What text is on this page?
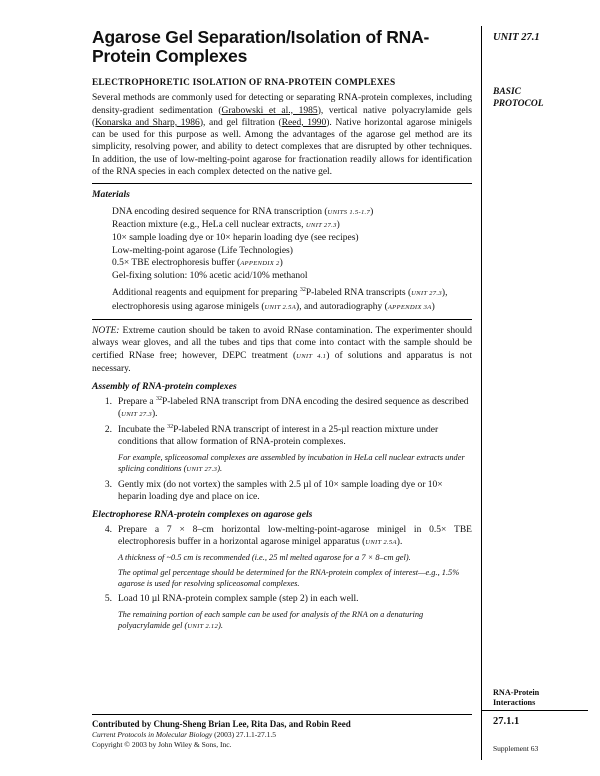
Agarose Gel Separation/Isolation of RNA-Protein Complexes
ELECTROPHORETIC ISOLATION OF RNA-PROTEIN COMPLEXES

Several methods are commonly used for detecting or separating RNA-protein complexes, including density-gradient sedimentation (Grabowski et al., 1985), vertical native polyacrylamide gels (Konarska and Sharp, 1986), and gel filtration (Reed, 1990). Native horizontal agarose minigels can be used for this purpose as well. Among the advantages of the agarose gel method are its simplicity, resolving power, and ability to detect complexes that are disrupted by other techniques. In addition, the use of low-melting-point agarose for fractionation readily allows for identification of the RNA species in each complex detected on the native gel.

Materials
DNA encoding desired sequence for RNA transcription (UNITS 1.5-1.7)
Reaction mixture (e.g., HeLa cell nuclear extracts, UNIT 27.3)
10× sample loading dye or 10× heparin loading dye (see recipes)
Low-melting-point agarose (Life Technologies)
0.5× TBE electrophoresis buffer (APPENDIX 2)
Gel-fixing solution: 10% acetic acid/10% methanol
Additional reagents and equipment for preparing $^{32}$P-labeled RNA transcripts (UNIT 27.3), electrophoresis using agarose minigels (UNIT 2.5A), and autoradiography (APPENDIX 3A)

NOTE: Extreme caution should be taken to avoid RNase contamination. The experimenter should always wear gloves, and all the tubes and tips that come into contact with the sample should be certified RNase free; however, DEPC treatment (UNIT 4.1) of solutions and apparatus is not necessary.

Assembly of RNA-protein complexes
1. Prepare a $^{32}$P-labeled RNA transcript from DNA encoding the desired sequence as described (UNIT 27.3).
2. Incubate the $^{32}$P-labeled RNA transcript of interest in a 25-µl reaction mixture under conditions that allow formation of RNA-protein complexes.
For example, spliceosomal complexes are assembled by incubation in HeLa cell nuclear extracts under splicing conditions (UNIT 27.3).
3. Gently mix (do not vortex) the samples with 2.5 µl of 10× sample loading dye or 10× heparin loading dye and place on ice.
Electrophorese RNA-protein complexes on agarose gels
4. Prepare a 7 × 8–cm horizontal low-melting-point-agarose minigel in 0.5× TBE electrophoresis buffer in a horizontal agarose minigel apparatus (UNIT 2.5A).
A thickness of ~0.5 cm is recommended (i.e., 25 ml melted agarose for a 7 × 8–cm gel).
The optimal gel percentage should be determined for the RNA-protein complex of interest—e.g., 1.5% agarose is used for resolving spliceosomal complexes.
5. Load 10 µl RNA-protein complex sample (step 2) in each well.
The remaining portion of each sample can be used for analysis of the RNA on a denaturing polyacrylamide gel (UNIT 2.12).
Contributed by Chung-Sheng Brian Lee, Rita Das, and Robin Reed
Current Protocols in Molecular Biology (2003) 27.1.1-27.1.5
Copyright © 2003 by John Wiley & Sons, Inc.
UNIT 27.1
BASIC
PROTOCOL
RNA-Protein
Interactions
27.1.1
Supplement 63
